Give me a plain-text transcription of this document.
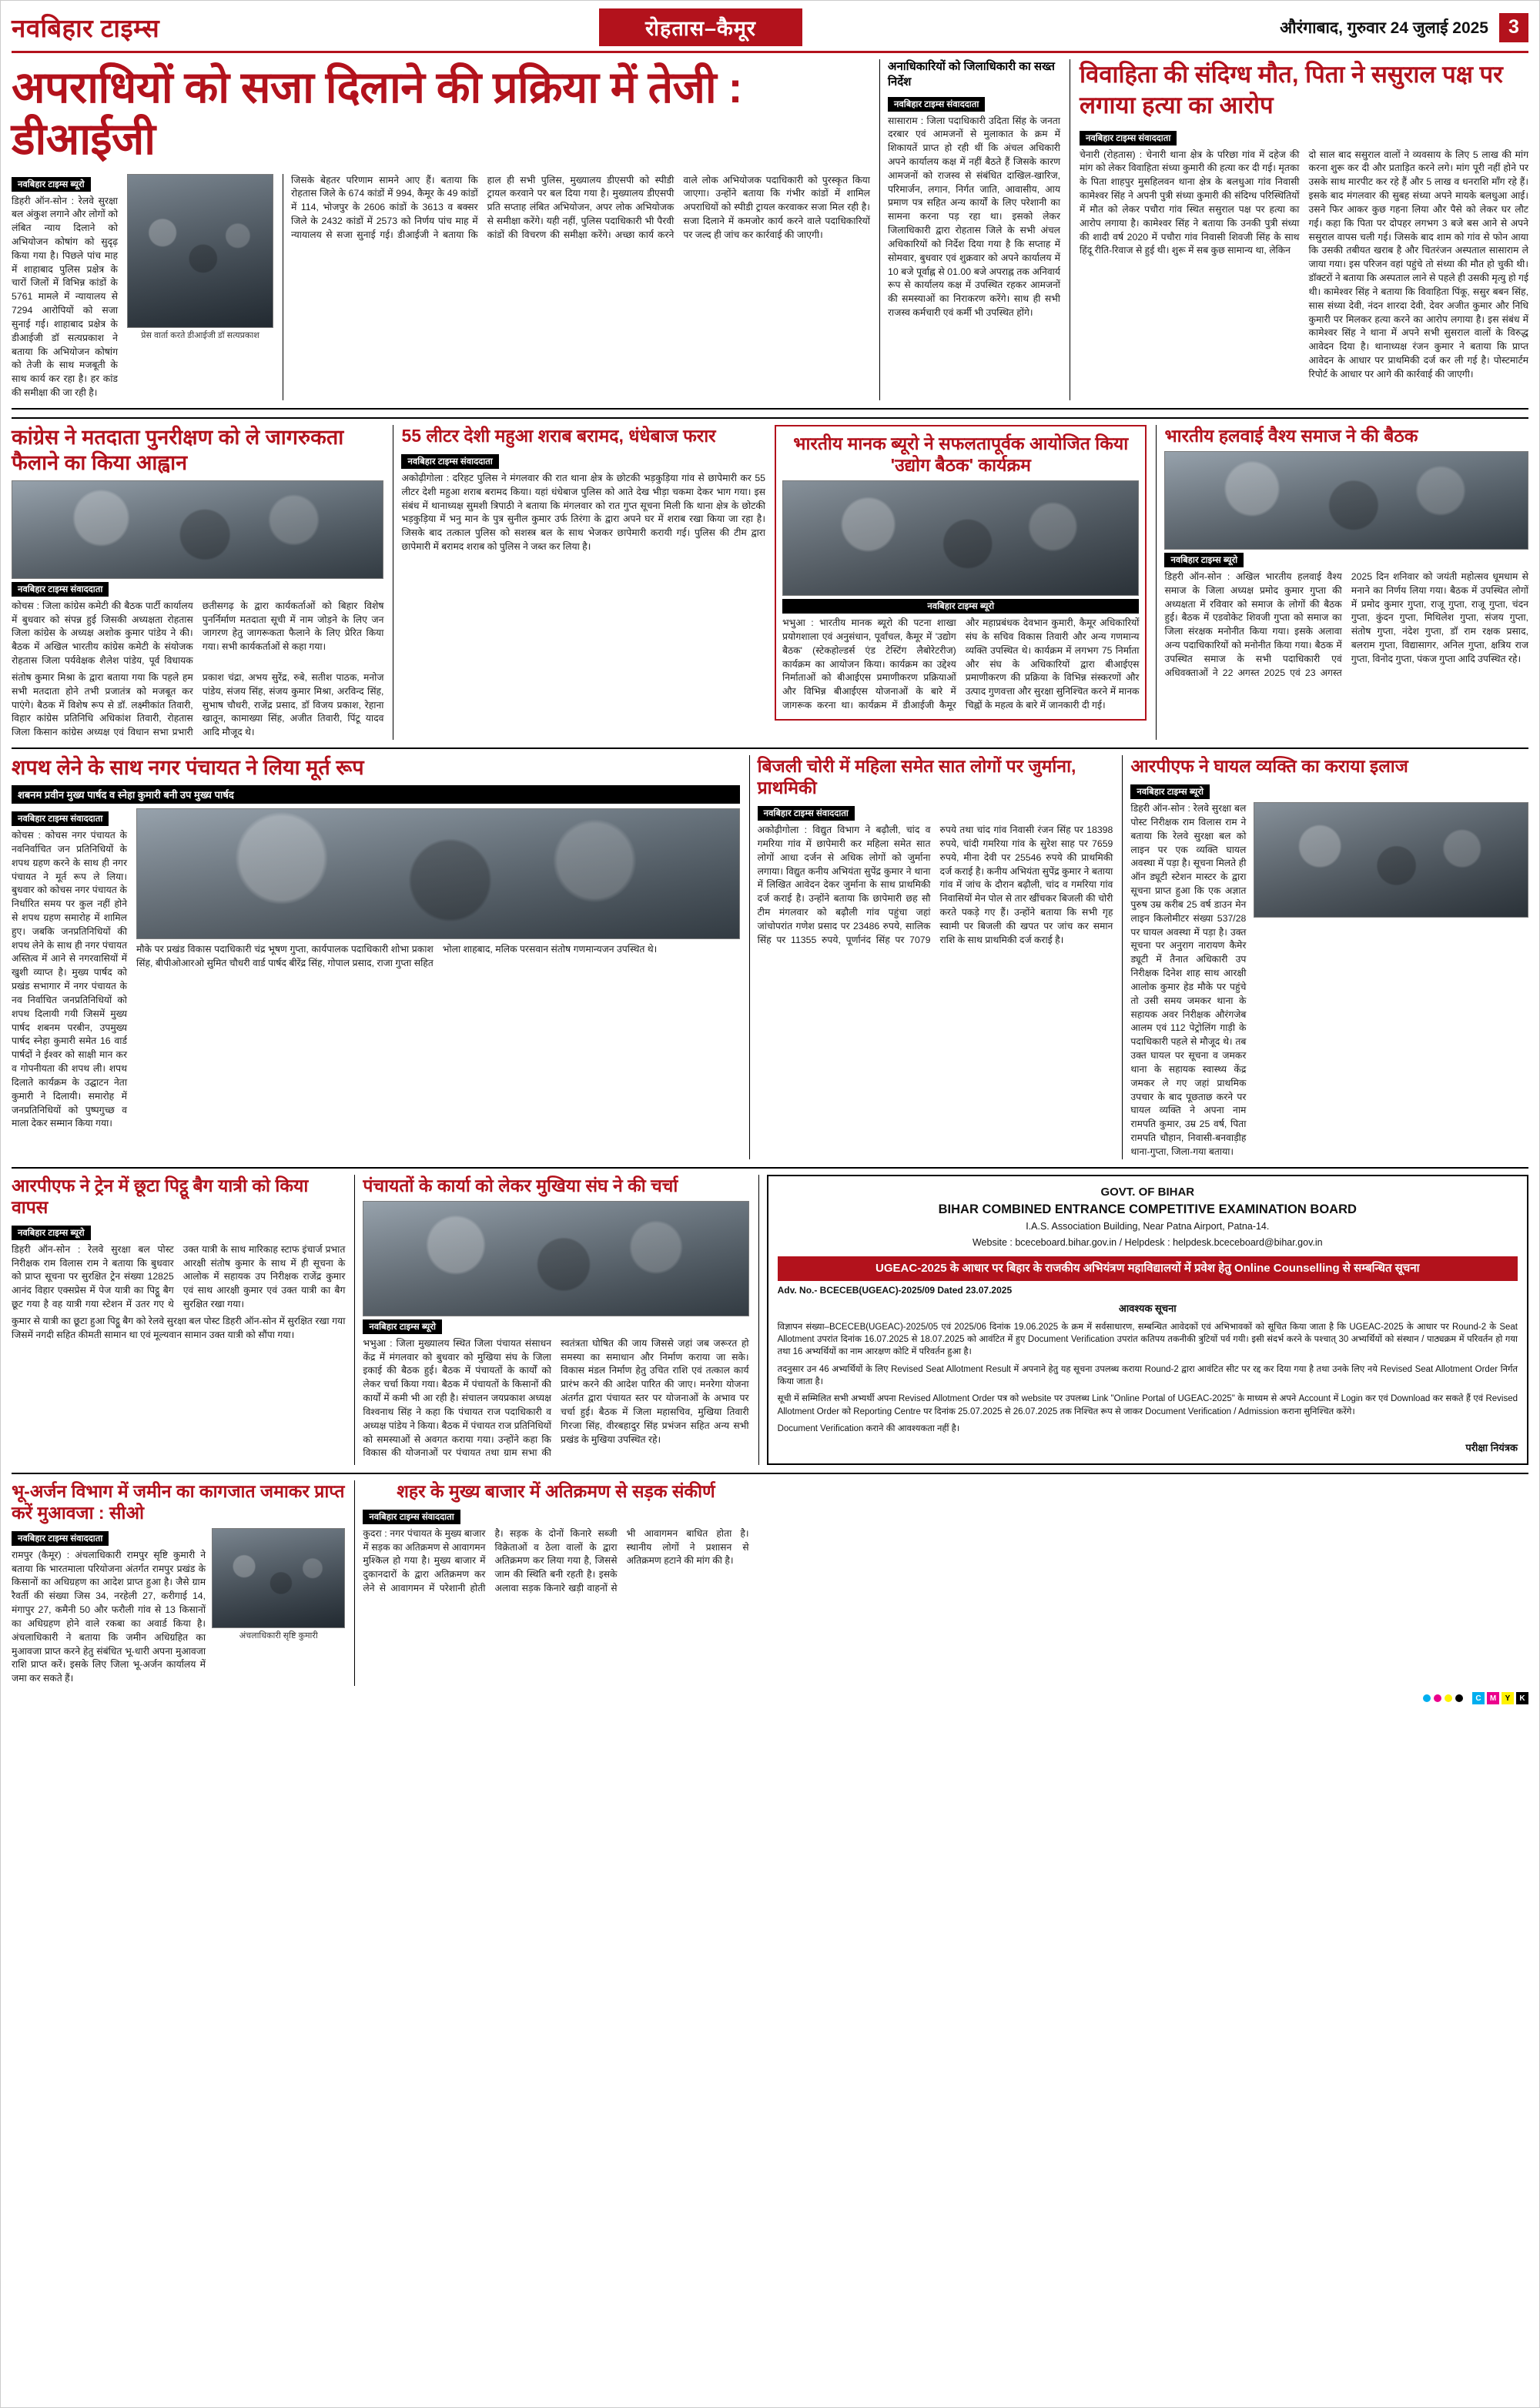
नवबिहार टाइम्स	रोहतास–कैमूर	औरंगाबाद, गुरुवार 24 जुलाई 2025	3
अपराधियों को सजा दिलाने की प्रक्रिया में तेजी : डीआईजी
नवबिहार टाइम्स ब्यूरो
डिहरी ऑन-सोन : रेलवे सुरक्षा बल अंकुश लगाने और लोगों को लंबित न्याय दिलाने को अभियोजन कोषांग को सुदृढ़ किया गया है। पिछले पांच माह में शाहाबाद पुलिस प्रक्षेत्र के चारों जिलों में विभिन्न कांडों के 5761 मामले में न्यायालय से 7294 आरोपियों को सजा सुनाई गई। शाहाबाद प्रक्षेत्र के डीआईजी डॉ सत्यप्रकाश ने बताया कि अभियोजन कोषांग को तेजी के साथ मजबूती के साथ कार्य कर रहा है। हर कांड की समीक्षा की जा रही है।
प्रेस वार्ता करते डीआईजी डॉ सत्यप्रकाश
जिसके बेहतर परिणाम सामने आए हैं। बताया कि रोहतास जिले के 674 कांडों में 994, कैमूर के 49 कांडों में 114, भोजपुर के 2606 कांडों के 3613 व बक्सर जिले के 2432 कांडों में 2573 को निर्णय पांच माह में न्यायालय से सजा सुनाई गई। डीआईजी ने बताया कि हाल ही सभी पुलिस, मुख्यालय डीएसपी को स्पीडी ट्रायल करवाने पर बल दिया गया है। मुख्यालय डीएसपी प्रति सप्ताह लंबित अभियोजन, अपर लोक अभियोजक से समीक्षा करेंगे। यही नहीं, पुलिस पदाधिकारी भी पैरवी कांडों की विचरण की समीक्षा करेंगे। अच्छा कार्य करने वाले लोक अभियोजक पदाधिकारी को पुरस्कृत किया जाएगा। उन्होंने बताया कि गंभीर कांडों में शामिल अपराधियों को स्पीडी ट्रायल करवाकर सजा मिल रही है। सजा दिलाने में कमजोर कार्य करने वाले पदाधिकारियों पर जल्द ही जांच कर कार्रवाई की जाएगी।
अनाधिकारियों को जिलाधिकारी का सख्त निर्देश
नवबिहार टाइम्स संवाददाता
सासाराम : जिला पदाधिकारी उदिता सिंह के जनता दरबार एवं आमजनों से मुलाकात के क्रम में शिकायतें प्राप्त हो रही थीं कि अंचल अधिकारी अपने कार्यालय कक्ष में नहीं बैठते हैं जिसके कारण आमजनों को राजस्व से संबंधित दाखिल-खारिज, परिमार्जन, लगान, निर्गत जाति, आवासीय, आय प्रमाण पत्र सहित अन्य कार्यों के लिए परेशानी का सामना करना पड़ रहा था। इसको लेकर जिलाधिकारी द्वारा रोहतास जिले के सभी अंचल अधिकारियों को निर्देश दिया गया है कि सप्ताह में सोमवार, बुधवार एवं शुक्रवार को अपने कार्यालय में 10 बजे पूर्वाह्न से 01.00 बजे अपराह्न तक अनिवार्य रूप से कार्यालय कक्ष में उपस्थित रहकर आमजनों की समस्याओं का निराकरण करेंगे। साथ ही सभी राजस्व कर्मचारी एवं कर्मी भी उपस्थित होंगे।
विवाहिता की संदिग्ध मौत, पिता ने ससुराल पक्ष पर लगाया हत्या का आरोप
नवबिहार टाइम्स संवाददाता
चेनारी (रोहतास) : चेनारी थाना क्षेत्र के परिछा गांव में दहेज की मांग को लेकर विवाहिता संध्या कुमारी की हत्या कर दी गई। मृतका के पिता शाहपुर मुसहिलवन थाना क्षेत्र के बलधुआ गांव निवासी कामेश्वर सिंह ने अपनी पुत्री संध्या कुमारी की संदिग्ध परिस्थितियों में मौत को लेकर पचौरा गांव स्थित ससुराल पक्ष पर हत्या का आरोप लगाया है। कामेश्वर सिंह ने बताया कि उनकी पुत्री संध्या की शादी वर्ष 2020 में पचौरा गांव निवासी शिवजी सिंह के साथ हिंदू रीति-रिवाज से हुई थी। शुरू में सब कुछ सामान्य था, लेकिन
दो साल बाद ससुराल वालों ने व्यवसाय के लिए 5 लाख की मांग करना शुरू कर दी और प्रताड़ित करने लगे। मांग पूरी नहीं होने पर उसके साथ मारपीट कर रहे हैं और 5 लाख व धनराशि माँग रहे हैं। इसके बाद मंगलवार की सुबह संध्या अपने मायके बलधुआ आई। उसने फिर आकर कुछ गहना लिया और पैसे को लेकर घर लौट गई। कहा कि पिता पर दोपहर लगभग 3 बजे बस आने से अपने ससुराल वापस चली गई। जिसके बाद शाम को गांव से फोन आया कि उसकी तबीयत खराब है और चितरंजन अस्पताल सासाराम ले जाया गया। इस परिजन वहां पहुंचे तो संध्या की मौत हो चुकी थी। डॉक्टरों ने बताया कि अस्पताल लाने से पहले ही उसकी मृत्यु हो गई थी। कामेश्वर सिंह ने बताया कि विवाहिता पिंकू, ससुर बबन सिंह, सास संध्या देवी, नंदन शारदा देवी, देवर अजीत कुमार और निधि कुमारी पर मिलकर हत्या करने का आरोप लगाया है। इस संबंध में कामेश्वर सिंह ने थाना में अपने सभी सुसराल वालों के विरुद्ध आवेदन दिया है। थानाध्यक्ष रंजन कुमार ने बताया कि प्राप्त आवेदन के आधार पर प्राथमिकी दर्ज कर ली गई है। पोस्टमार्टम रिपोर्ट के आधार पर आगे की कार्रवाई की जाएगी।
कांग्रेस ने मतदाता पुनरीक्षण को ले जागरुकता फैलाने का किया आह्वान
नवबिहार टाइम्स संवाददाता
कोचस : जिला कांग्रेस कमेटी की बैठक पार्टी कार्यालय में बुधवार को संपन्न हुई जिसकी अध्यक्षता रोहतास जिला कांग्रेस के अध्यक्ष अशोक कुमार पांडेय ने की। बैठक में अखिल भारतीय कांग्रेस कमेटी के संयोजक रोहतास जिला पर्यवेक्षक शैलेश पांडेय, पूर्व विधायक छतीसगढ़ के द्वारा कार्यकर्ताओं को बिहार विशेष पुनर्निर्माण मतदाता सूची में नाम जोड़ने के लिए जन जागरण हेतु जागरूकता फैलाने के लिए प्रेरित किया गया। सभी कार्यकर्ताओं से कहा गया।
संतोष कुमार मिश्रा के द्वारा बताया गया कि पहले हम सभी मतदाता होने तभी प्रजातंत्र को मजबूत कर पाएंगे। बैठक में विशेष रूप से डॉ. लक्ष्मीकांत तिवारी, विहार कांग्रेस प्रतिनिधि अधिकांश तिवारी, रोहतास जिला किसान कांग्रेस अध्यक्ष एवं विधान सभा प्रभारी प्रकाश चंद्रा, अभय सुरेंद्र, रुबे, सतीश पाठक, मनोज पांडेय, संजय सिंह, संजय कुमार मिश्रा, अरविन्द सिंह, सुभाष चौधरी, राजेंद्र प्रसाद, डॉ विजय प्रकाश, रेहाना खातून, कामाख्या सिंह, अजीत तिवारी, पिंटू यादव आदि मौजूद थे।
55 लीटर देशी महुआ शराब बरामद, धंधेबाज फरार
नवबिहार टाइम्स संवाददाता
अकोढ़ीगोला : दरिहट पुलिस ने मंगलवार की रात थाना क्षेत्र के छोटकी भड़कुड़िया गांव से छापेमारी कर 55 लीटर देशी महुआ शराब बरामद किया। यहां धंधेबाज पुलिस को आते देख भीड़ा चकमा देकर भाग गया। इस संबंध में थानाध्यक्ष सुमशी त्रिपाठी ने बताया कि मंगलवार को रात गुप्त सूचना मिली कि थाना क्षेत्र के छोटकी भड़कुड़िया में भनु मान के पुत्र सुनील कुमार उर्फ तिरंगा के द्वारा अपने घर में शराब रखा किया जा रहा है। जिसके बाद तत्काल पुलिस को सशस्त्र बल के साथ भेजकर छापेमारी करायी गई। पुलिस की टीम द्वारा छापेमारी में बरामद शराब को पुलिस ने जब्त कर लिया है।
भारतीय मानक ब्यूरो ने सफलतापूर्वक आयोजित किया 'उद्योग बैठक' कार्यक्रम
नवबिहार टाइम्स ब्यूरो
भभुआ : भारतीय मानक ब्यूरो की पटना शाखा प्रयोगशाला एवं अनुसंधान, पूर्वांचल, कैमूर में 'उद्योग बैठक' (स्टेकहोल्डर्स एंड टेस्टिंग लैबोरेटरीज) कार्यक्रम का आयोजन किया। कार्यक्रम का उद्देश्य निर्माताओं को बीआईएस प्रमाणीकरण प्रक्रियाओं और विभिन्न बीआईएस योजनाओं के बारे में जागरूक करना था। कार्यक्रम में डीआईजी कैमूर और महाप्रबंधक देवभान कुमारी, कैमूर अधिकारियों संघ के सचिव विकास तिवारी और अन्य गणमान्य व्यक्ति उपस्थित थे। कार्यक्रम में लगभग 75 निर्माता और संघ के अधिकारियों द्वारा बीआईएस प्रमाणीकरण की प्रक्रिया के विभिन्न संस्करणों और उत्पाद गुणवत्ता और सुरक्षा सुनिश्चित करने में मानक चिह्नों के महत्व के बारे में जानकारी दी गई।
भारतीय हलवाई वैश्य समाज ने की बैठक
नवबिहार टाइम्स ब्यूरो
डिहरी ऑन-सोन : अखिल भारतीय हलवाई वैश्य समाज के जिला अध्यक्ष प्रमोद कुमार गुप्ता की अध्यक्षता में रविवार को समाज के लोगों की बैठक हुई। बैठक में एडवोकेट शिवजी गुप्ता को समाज का जिला संरक्षक मनोनीत किया गया। इसके अलावा अन्य पदाधिकारियों को मनोनीत किया गया। बैठक में उपस्थित समाज के सभी पदाधिकारी एवं अधिवक्ताओं ने 22 अगस्त 2025 एवं 23 अगस्त 2025 दिन शनिवार को जयंती महोत्सव धूमधाम से मनाने का निर्णय लिया गया। बैठक में उपस्थित लोगों में प्रमोद कुमार गुप्ता, राजू गुप्ता, राजू गुप्ता, चंदन गुप्ता, कुंदन गुप्ता, मिथिलेश गुप्ता, संजय गुप्ता, संतोष गुप्ता, नंदेश गुप्ता, डॉ राम रक्षक प्रसाद, बलराम गुप्ता, विद्यासागर, अनिल गुप्ता, क्षत्रिय राज गुप्ता, विनोद गुप्ता, पंकज गुप्ता आदि उपस्थित रहे।
शपथ लेने के साथ नगर पंचायत ने लिया मूर्त रूप
शबनम प्रवीन मुख्य पार्षद व स्नेहा कुमारी बनी उप मुख्य पार्षद
नवबिहार टाइम्स संवाददाता
कोचस : कोचस नगर पंचायत के नवनिर्वाचित जन प्रतिनिधियों के शपथ ग्रहण करने के साथ ही नगर पंचायत ने मूर्त रूप ले लिया। बुधवार को कोचस नगर पंचायत के निर्धारित समय पर कुल नहीं होने से शपथ ग्रहण समारोह में शामिल हुए। जबकि जनप्रतिनिधियों की शपथ लेने के साथ ही नगर पंचायत अस्तित्व में आने से नगरवासियों में खुशी व्याप्त है। मुख्य पार्षद को प्रखंड सभागार में नगर पंचायत के नव निर्वाचित जनप्रतिनिधियों को शपथ दिलायी गयी जिसमें मुख्य पार्षद शबनम परबीन, उपमुख्य पार्षद स्नेहा कुमारी समेत 16 वार्ड पार्षदों ने ईश्वर को साक्षी मान कर व गोपनीयता की शपथ ली। शपथ दिलाते कार्यक्रम के उद्घाटन नेता कुमारी ने दिलायी। समारोह में जनप्रतिनिधियों को पुष्पगुच्छ व माला देकर सम्मान किया गया।
मौके पर प्रखंड विकास पदाधिकारी चंद्र भूषण गुप्ता, कार्यपालक पदाधिकारी शोभा प्रकाश सिंह, बीपीओआरओ सुमित चौधरी वार्ड पार्षद बीरेंद्र सिंह, गोपाल प्रसाद, राजा गुप्ता सहित भोला शाहबाद, मलिक परसवान संतोष गणमान्यजन उपस्थित थे।
बिजली चोरी में महिला समेत सात लोगों पर जुर्माना, प्राथमिकी
नवबिहार टाइम्स संवाददाता
अकोढ़ीगोला : विद्युत विभाग ने बढ़ौली, चांद व गमरिया गांव में छापेमारी कर महिला समेत सात लोगों आधा दर्जन से अधिक लोगों को जुर्माना लगाया। विद्युत कनीय अभियंता सुपेंद्र कुमार ने थाना में लिखित आवेदन देकर जुर्माना के साथ प्राथमिकी दर्ज कराई है। उन्होंने बताया कि छापेमारी छह सौ टीम मंगलवार को बढ़ौली गांव पहुंचा जहां जांचोपरांत गणेश प्रसाद पर 23486 रुपये, सालिक सिंह पर 11355 रुपये, पूर्णानंद सिंह पर 7079 रुपये तथा चांद गांव निवासी रंजन सिंह पर 18398 रुपये, चांदी गमरिया गांव के सुरेश साह पर 7659 रुपये, मीना देवी पर 25546 रुपये की प्राथमिकी दर्ज कराई है। कनीय अभियंता सुपेंद्र कुमार ने बताया गांव में जांच के दौरान बढ़ौली, चांद व गमरिया गांव निवासियों मेन पोल से तार खींचकर बिजली की चोरी करते पकड़े गए हैं। उन्होंने बताया कि सभी गृह स्वामी पर बिजली की खपत पर जांच कर समान राशि के साथ प्राथमिकी दर्ज कराई है।
आरपीएफ ने घायल व्यक्ति का कराया इलाज
नवबिहार टाइम्स ब्यूरो
डिहरी ऑन-सोन : रेलवे सुरक्षा बल पोस्ट निरीक्षक राम विलास राम ने बताया कि रेलवे सुरक्षा बल को लाइन पर एक व्यक्ति घायल अवस्था में पड़ा है। सूचना मिलते ही ऑन ड्यूटी स्टेशन मास्टर के द्वारा सूचना प्राप्त हुआ कि एक अज्ञात पुरुष उम्र करीब 25 वर्ष डाउन मेन लाइन किलोमीटर संख्या 537/28 पर घायल अवस्था में पड़ा है। उक्त सूचना पर अनुराग नारायण कैमेर ड्यूटी में तैनात अधिकारी उप निरीक्षक दिनेश शाह साथ आरक्षी आलोक कुमार हेड मौके पर पहुंचे तो उसी समय जमकर थाना के सहायक अवर निरीक्षक औरंगजेब आलम एवं 112 पेट्रोलिंग गाड़ी के पदाधिकारी पहले से मौजूद थे। तब उक्त घायल पर सूचना व जमकर थाना के सहायक स्वास्थ्य केंद्र जमकर ले गए जहां प्राथमिक उपचार के बाद पूछताछ करने पर घायल व्यक्ति ने अपना नाम रामपति कुमार, उम्र 25 वर्ष, पिता रामपति चौहान, निवासी-बनवाड़ीह थाना-गुप्ता, जिला-गया बताया।
आरपीएफ ने ट्रेन में छूटा पिट्ठू बैग यात्री को किया वापस
नवबिहार टाइम्स ब्यूरो
डिहरी ऑन-सोन : रेलवे सुरक्षा बल पोस्ट निरीक्षक राम विलास राम ने बताया कि बुधवार को प्राप्त सूचना पर सुरक्षित ट्रेन संख्या 12825 आनंद विहार एक्सप्रेस में पेज यात्री का पिट्ठू बैग छूट गया है वह यात्री गया स्टेशन में उतर गए थे उक्त यात्री के साथ मारिकाह स्टाफ इंचार्ज प्रभात आरक्षी संतोष कुमार के साथ में ही सूचना के आलोक में सहायक उप निरीक्षक राजेंद्र कुमार एवं साथ आरक्षी कुमार एवं उक्त यात्री का बैग सुरक्षित रखा गया।
कुमार से यात्री का छूटा हुआ पिट्ठू बैग को रेलवे सुरक्षा बल पोस्ट डिहरी ऑन-सोन में सुरक्षित रखा गया जिसमें नगदी सहित कीमती सामान था एवं मूल्यवान सामान उक्त यात्री को सौंपा गया।
पंचायतों के कार्या को लेकर मुखिया संघ ने की चर्चा
नवबिहार टाइम्स ब्यूरो
भभुआ : जिला मुख्यालय स्थित जिला पंचायत संसाधन केंद्र में मंगलवार को बुधवार को मुखिया संघ के जिला इकाई की बैठक हुई। बैठक में पंचायतों के कार्यों को लेकर चर्चा किया गया। बैठक में पंचायतों के किसानों की कार्यों में कमी भी आ रही है। संचालन जयप्रकाश अध्यक्ष विश्वनाथ सिंह ने कहा कि पंचायत राज पदाधिकारी व अध्यक्ष पांडेय ने किया। बैठक में पंचायत राज प्रतिनिधियों को समस्याओं से अवगत कराया गया। उन्होंने कहा कि विकास की योजनाओं पर पंचायत तथा ग्राम सभा की स्वतंत्रता घोषित की जाय जिससे जहां जब जरूरत हो समस्या का समाधान और निर्माण कराया जा सके। विकास मंडल निर्माण हेतु उचित राशि एवं तत्काल कार्य प्रारंभ करने की आदेश पारित की जाए। मनरेगा योजना अंतर्गत द्वारा पंचायत स्तर पर योजनाओं के अभाव पर चर्चा हुई। बैठक में जिला महासचिव, मुखिया तिवारी गिरजा सिंह, वीरबहादुर सिंह प्रभंजन सहित अन्य सभी प्रखंड के मुखिया उपस्थित रहे।
GOVT. OF BIHAR
BIHAR COMBINED ENTRANCE COMPETITIVE EXAMINATION BOARD
I.A.S. Association Building, Near Patna Airport, Patna-14.
Website : bceceboard.bihar.gov.in / Helpdesk : helpdesk.bceceboard@bihar.gov.in
UGEAC-2025 के आधार पर बिहार के राजकीय अभियंत्रण महाविद्यालयों में प्रवेश हेतु Online Counselling से सम्बन्धित सूचना
Adv. No.- BCECEB(UGEAC)-2025/09 Dated 23.07.2025
आवश्यक सूचना
विज्ञापन संख्या–BCECEB(UGEAC)-2025/05 एवं 2025/06 दिनांक 19.06.2025 के क्रम में सर्वसाधारण, सम्बन्धित आवेदकों एवं अभिभावकों को सूचित किया जाता है कि UGEAC-2025 के आधार पर Round-2 के Seat Allotment उपरांत दिनांक 16.07.2025 से 18.07.2025 को आवंटित में हुए Document Verification उपरांत कतिपय तकनीकी त्रुटियों पर्व गयी। इसी संदर्भ करने के पश्चात् 30 अभ्यर्थियों को संस्थान / पाठ्यक्रम में परिवर्तन हो गया तथा 16 अभ्यर्थियों का नाम आरक्षण कोटि में परिवर्तन हुआ है।
तदनुसार उन 46 अभ्यर्थियों के लिए Revised Seat Allotment Result में अपनाने हेतु यह सूचना उपलब्ध कराया Round-2 द्वारा आवंटित सीट पर रद्द कर दिया गया है तथा उनके लिए नये Revised Seat Allotment Order निर्गत किया जाता है।
सूची में सम्मिलित सभी अभ्यर्थी अपना Revised Allotment Order पत्र को website पर उपलब्ध Link "Online Portal of UGEAC-2025" के माध्यम से अपने Account में Login कर एवं Download कर सकते हैं एवं Revised Allotment Order को Reporting Centre पर दिनांक 25.07.2025 से 26.07.2025 तक निश्चित रूप से जाकर Document Verification / Admission कराना सुनिश्चित करेंगे।
Document Verification कराने की आवश्यकता नहीं है।
परीक्षा नियंत्रक
भू-अर्जन विभाग में जमीन का कागजात जमाकर प्राप्त करें मुआवजा : सीओ
नवबिहार टाइम्स संवाददाता
रामपुर (कैमूर) : अंचलाधिकारी रामपुर सृष्टि कुमारी ने बताया कि भारतमाला परियोजना अंतर्गत रामपुर प्रखंड के किसानों का अधिग्रहण का आदेश प्राप्त हुआ है। जैसे ग्राम रैवर्ती की संख्या जिस 34, नरहेली 27, करीगाई 14, मंगापुर 27, कमैनी 50 और फरौली गांव से 13 किसानों का अधिग्रहण होने वाले रकबा का अवार्ड किया है। अंचलाधिकारी ने बताया कि जमीन अधिग्रहित का मुआवजा प्राप्त करने हेतु संबंधित भू-धारी अपना मुआवजा राशि प्राप्त करें। इसके लिए जिला भू-अर्जन कार्यालय में जमा कर सकते हैं।
अंचलाधिकारी सृष्टि कुमारी
शहर के मुख्य बाजार में अतिक्रमण से सड़क संकीर्ण
नवबिहार टाइम्स संवाददाता
कुदरा : नगर पंचायत के मुख्य बाजार में सड़क का अतिक्रमण से आवागमन मुश्किल हो गया है। मुख्य बाजार में दुकानदारों के द्वारा अतिक्रमण कर लेने से आवागमन में परेशानी होती है। सड़क के दोनों किनारे सब्जी विक्रेताओं व ठेला वालों के द्वारा अतिक्रमण कर लिया गया है, जिससे जाम की स्थिति बनी रहती है। इसके अलावा सड़क किनारे खड़ी वाहनों से भी आवागमन बाधित होता है। स्थानीय लोगों ने प्रशासन से अतिक्रमण हटाने की मांग की है।
C	M	Y	K
